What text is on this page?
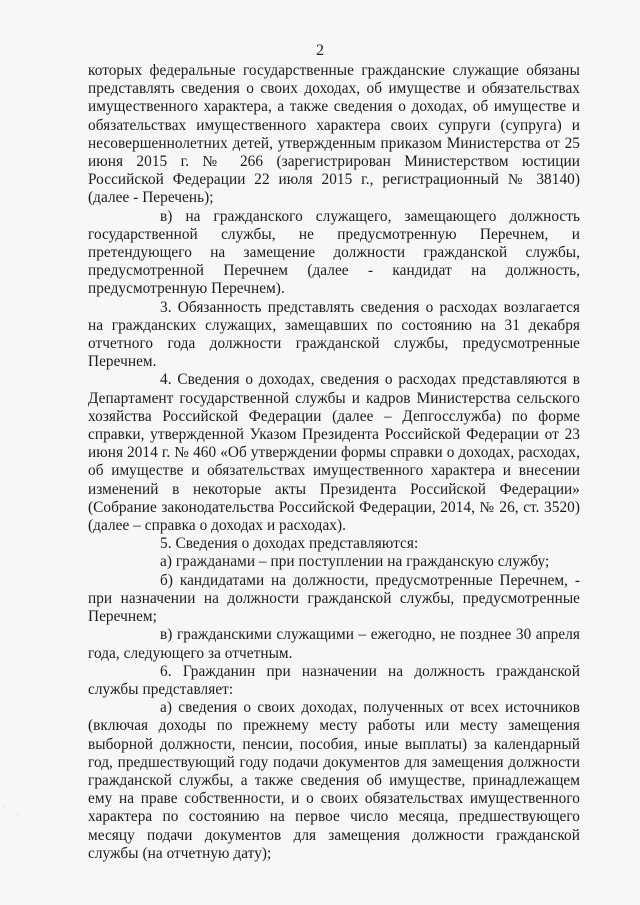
2

которых федеральные государственные гражданские служащие обязаны представлять сведения о своих доходах, об имуществе и обязательствах имущественного характера, а также сведения о доходах, об имуществе и обязательствах имущественного характера своих супруги (супруга) и несовершеннолетних детей, утвержденным приказом Министерства от 25 июня 2015 г. № 266 (зарегистрирован Министерством юстиции Российской Федерации 22 июля 2015 г., регистрационный № 38140) (далее - Перечень);

в) на гражданского служащего, замещающего должность государственной службы, не предусмотренную Перечнем, и претендующего на замещение должности гражданской службы, предусмотренной Перечнем (далее - кандидат на должность, предусмотренную Перечнем).

3. Обязанность представлять сведения о расходах возлагается на гражданских служащих, замещавших по состоянию на 31 декабря отчетного года должности гражданской службы, предусмотренные Перечнем.

4. Сведения о доходах, сведения о расходах представляются в Департамент государственной службы и кадров Министерства сельского хозяйства Российской Федерации (далее – Депгосслужба) по форме справки, утвержденной Указом Президента Российской Федерации от 23 июня 2014 г. № 460 «Об утверждении формы справки о доходах, расходах, об имуществе и обязательствах имущественного характера и внесении изменений в некоторые акты Президента Российской Федерации» (Собрание законодательства Российской Федерации, 2014, № 26, ст. 3520) (далее – справка о доходах и расходах).

5. Сведения о доходах представляются:

а) гражданами – при поступлении на гражданскую службу;

б) кандидатами на должности, предусмотренные Перечнем, - при назначении на должности гражданской службы, предусмотренные Перечнем;

в) гражданскими служащими – ежегодно, не позднее 30 апреля года, следующего за отчетным.

6. Гражданин при назначении на должность гражданской службы представляет:

а) сведения о своих доходах, полученных от всех источников (включая доходы по прежнему месту работы или месту замещения выборной должности, пенсии, пособия, иные выплаты) за календарный год, предшествующий году подачи документов для замещения должности гражданской службы, а также сведения об имуществе, принадлежащем ему на праве собственности, и о своих обязательствах имущественного характера по состоянию на первое число месяца, предшествующего месяцу подачи документов для замещения должности гражданской службы (на отчетную дату);
